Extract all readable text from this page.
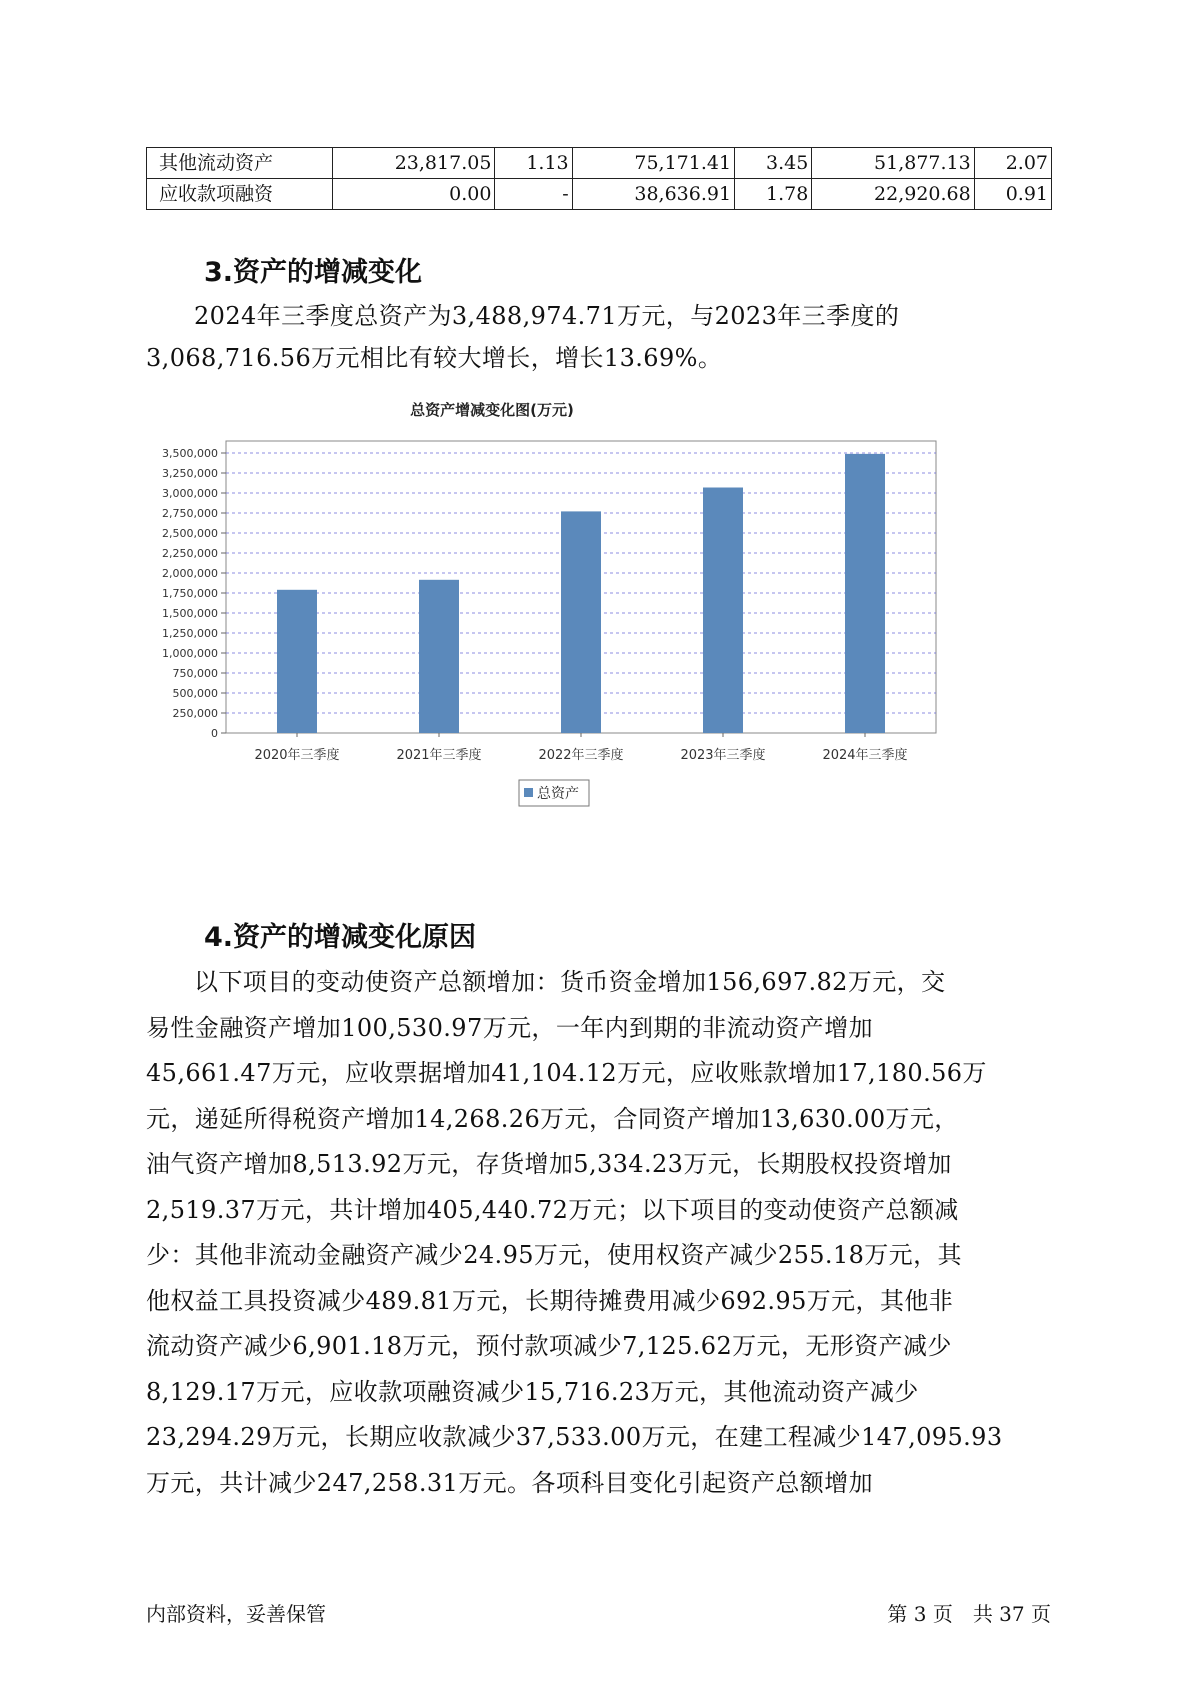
其他流动资产	23,817.05	1.13	75,171.41	3.45	51,877.13	2.07
应收款项融资	0.00	-	38,636.91	1.78	22,920.68	0.91
3.资产的增减变化
2024年三季度总资产为3,488,974.71万元，与2023年三季度的
3,068,716.56万元相比有较大增长，增长13.69%。
总资产增减变化图(万元)
0
250,000
500,000
750,000
1,000,000
1,250,000
1,500,000
1,750,000
2,000,000
2,250,000
2,500,000
2,750,000
3,000,000
3,250,000
3,500,000
2020年三季度	2021年三季度	2022年三季度	2023年三季度	2024年三季度
总资产
4.资产的增减变化原因
以下项目的变动使资产总额增加：货币资金增加156,697.82万元，交
易性金融资产增加100,530.97万元，一年内到期的非流动资产增加
45,661.47万元，应收票据增加41,104.12万元，应收账款增加17,180.56万
元，递延所得税资产增加14,268.26万元，合同资产增加13,630.00万元，
油气资产增加8,513.92万元，存货增加5,334.23万元，长期股权投资增加
2,519.37万元，共计增加405,440.72万元；以下项目的变动使资产总额减
少：其他非流动金融资产减少24.95万元，使用权资产减少255.18万元，其
他权益工具投资减少489.81万元，长期待摊费用减少692.95万元，其他非
流动资产减少6,901.18万元，预付款项减少7,125.62万元，无形资产减少
8,129.17万元，应收款项融资减少15,716.23万元，其他流动资产减少
23,294.29万元，长期应收款减少37,533.00万元，在建工程减少147,095.93
万元，共计减少247,258.31万元。各项科目变化引起资产总额增加
内部资料，妥善保管	第 3 页　共 37 页
